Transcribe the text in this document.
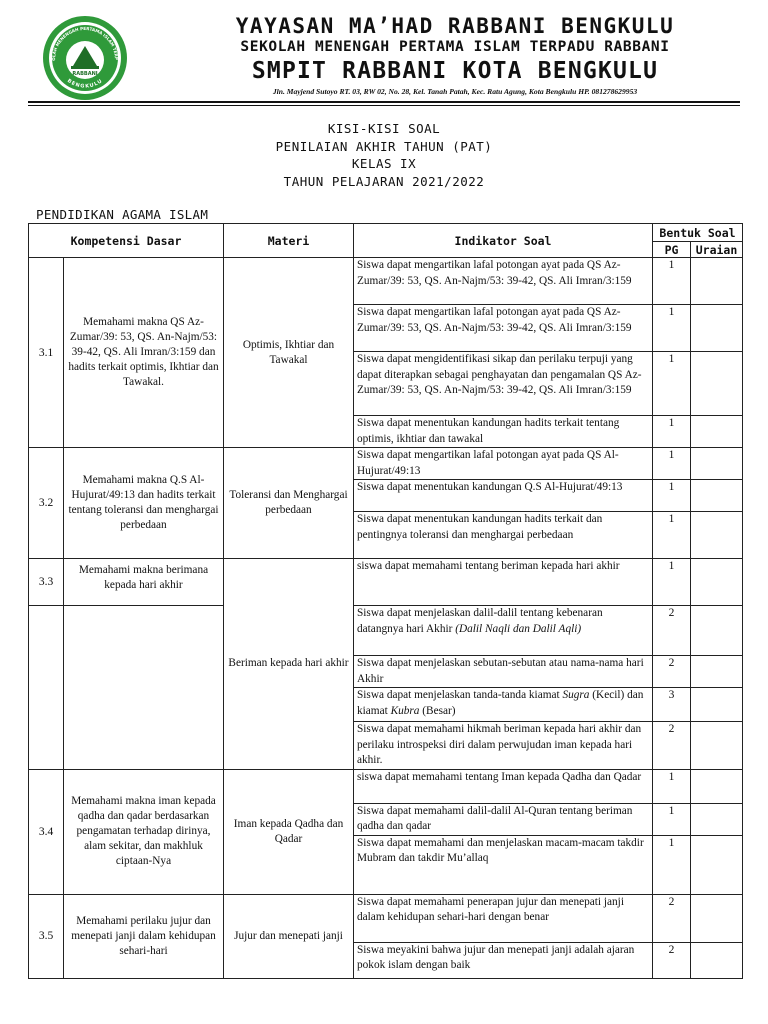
OLAH MENENGAH PERTAMA ISLAM TERP
RABBANI
BENGKULU
YAYASAN MA’HAD RABBANI BENGKULU
SEKOLAH MENENGAH PERTAMA ISLAM TERPADU RABBANI
SMPIT RABBANI KOTA BENGKULU
Jln. Mayjend Sutoyo RT. 03, RW 02, No. 28, Kel. Tanah Patah, Kec. Ratu Agung, Kota Bengkulu HP. 081278629953
KISI-KISI SOAL
PENILAIAN AKHIR TAHUN (PAT)
KELAS IX
TAHUN PELAJARAN 2021/2022
PENDIDIKAN AGAMA ISLAM
Kompetensi Dasar		Materi	Indikator Soal	Bentuk Soal	
				PG	Uraian
3.1	Memahami makna QS Az-Zumar/39: 53, QS. An-Najm/53: 39-42, QS. Ali Imran/3:159 dan hadits terkait optimis, Ikhtiar dan Tawakal.	Optimis, Ikhtiar dan Tawakal	Siswa dapat mengartikan lafal potongan ayat pada QS Az-Zumar/39: 53, QS. An-Najm/53: 39-42, QS. Ali Imran/3:159	1	
			Siswa dapat mengartikan lafal potongan ayat pada QS Az-Zumar/39: 53, QS. An-Najm/53: 39-42, QS. Ali Imran/3:159	1	
			Siswa dapat mengidentifikasi sikap dan perilaku terpuji yang dapat diterapkan sebagai penghayatan dan pengamalan QS Az-Zumar/39: 53, QS. An-Najm/53: 39-42, QS. Ali Imran/3:159	1	
			Siswa dapat menentukan kandungan hadits terkait tentang optimis, ikhtiar dan tawakal	1	
3.2	Memahami makna Q.S Al-Hujurat/49:13 dan hadits terkait tentang toleransi dan menghargai perbedaan	Toleransi dan Menghargai perbedaan	Siswa dapat mengartikan lafal potongan ayat pada QS Al-Hujurat/49:13	1	
			Siswa dapat menentukan kandungan Q.S Al-Hujurat/49:13	1	
			Siswa dapat menentukan kandungan hadits terkait dan pentingnya toleransi dan menghargai perbedaan	1	
3.3	Memahami makna berimana kepada hari akhir	Beriman kepada hari akhir	siswa dapat memahami tentang beriman kepada hari akhir	1	
			Siswa dapat menjelaskan dalil-dalil tentang kebenaran datangnya hari Akhir (Dalil Naqli dan Dalil Aqli)	2	
			Siswa dapat menjelaskan sebutan-sebutan atau nama-nama hari Akhir	2	
			Siswa dapat menjelaskan tanda-tanda kiamat Sugra (Kecil) dan kiamat Kubra (Besar)	3	
			Siswa dapat memahami hikmah beriman kepada hari akhir dan perilaku introspeksi diri dalam perwujudan iman kepada hari akhir.	2	
3.4	Memahami makna iman kepada qadha dan qadar berdasarkan pengamatan terhadap dirinya, alam sekitar, dan makhluk ciptaan-Nya	Iman kepada Qadha dan Qadar	siswa dapat memahami tentang Iman kepada Qadha dan Qadar	1	
			Siswa dapat memahami dalil-dalil Al-Quran tentang beriman qadha dan qadar	1	
			Siswa dapat memahami dan menjelaskan macam-macam takdir Mubram dan takdir Mu’allaq	1	
3.5	Memahami perilaku jujur dan menepati janji dalam kehidupan sehari-hari	Jujur dan menepati janji	Siswa dapat memahami penerapan jujur dan menepati janji dalam kehidupan sehari-hari dengan benar	2	
			Siswa meyakini bahwa jujur dan menepati janji adalah ajaran pokok islam dengan baik	2	
